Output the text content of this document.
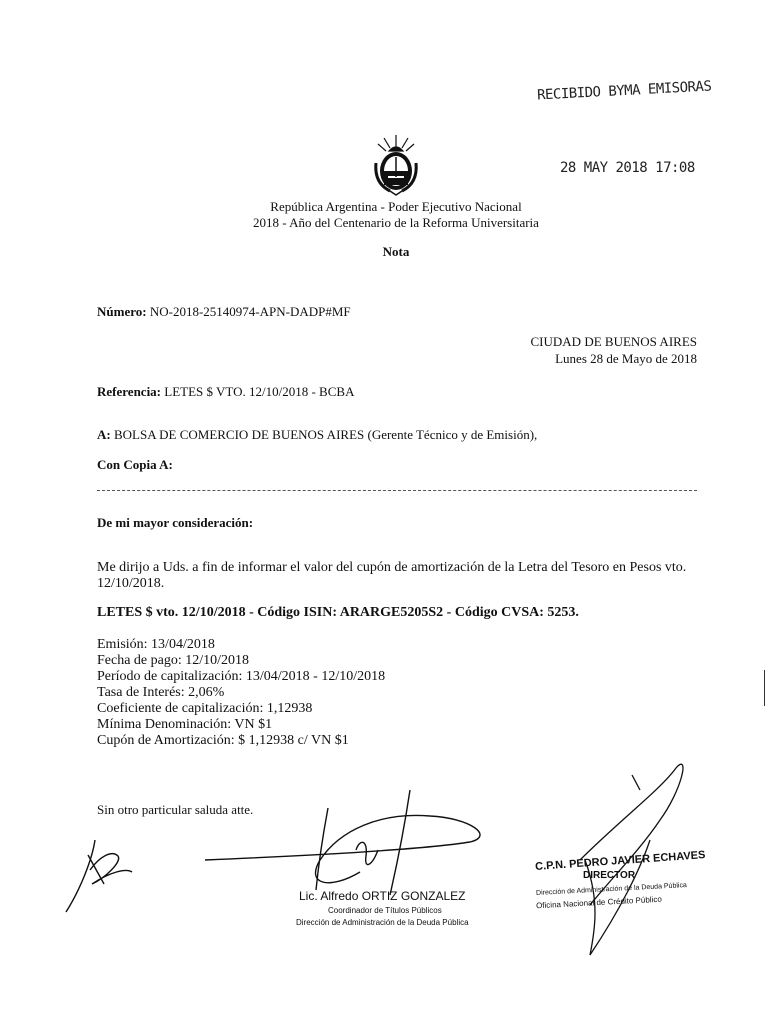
RECIBIDO BYMA EMISORAS
28 MAY 2018 17:08
República Argentina - Poder Ejecutivo Nacional
2018 - Año del Centenario de la Reforma Universitaria
Nota
Número: NO-2018-25140974-APN-DADP#MF
CIUDAD DE BUENOS AIRES
Lunes 28 de Mayo de 2018
Referencia: LETES $ VTO. 12/10/2018 - BCBA
A: BOLSA DE COMERCIO DE BUENOS AIRES (Gerente Técnico y de Emisión),
Con Copia A:
De mi mayor consideración:
Me dirijo a Uds. a fin de informar el valor del cupón de amortización de la Letra del Tesoro en Pesos vto.
12/10/2018.
LETES $ vto. 12/10/2018 - Código ISIN: ARARGE5205S2 - Código CVSA: 5253.
Emisión: 13/04/2018
Fecha de pago: 12/10/2018
Período de capitalización: 13/04/2018 - 12/10/2018
Tasa de Interés: 2,06%
Coeficiente de capitalización: 1,12938
Mínima Denominación: VN $1
Cupón de Amortización: $ 1,12938 c/ VN $1
Sin otro particular saluda atte.
Lic. Alfredo ORTIZ GONZALEZ
Coordinador de Títulos Públicos
Dirección de Administración de la Deuda Pública
C.P.N. PEDRO JAVIER ECHAVES
DIRECTOR
Dirección de Administración de la Deuda Pública
Oficina Nacional de Crédito Público
